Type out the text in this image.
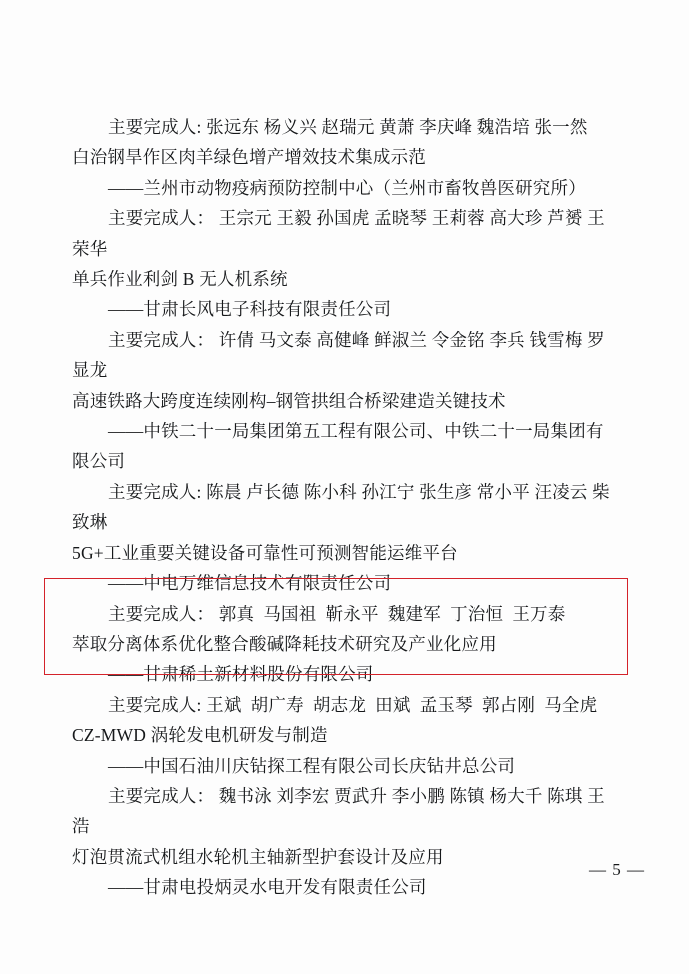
主要完成人: 张远东 杨义兴 赵瑞元 黄萧 李庆峰 魏浩培 张一然
白治钢旱作区肉羊绿色增产增效技术集成示范
——兰州市动物疫病预防控制中心（兰州市畜牧兽医研究所）
主要完成人： 王宗元 王毅 孙国虎 孟晓琴 王莉蓉 高大珍 芦赟 王荣华
单兵作业利剑 B 无人机系统
——甘肃长风电子科技有限责任公司
主要完成人： 许倩 马文泰 高健峰 鲜淑兰 令金铭 李兵 钱雪梅 罗显龙
高速铁路大跨度连续刚构–钢管拱组合桥梁建造关键技术
——中铁二十一局集团第五工程有限公司、中铁二十一局集团有限公司
主要完成人: 陈晨 卢长德 陈小科 孙江宁 张生彦 常小平 汪凌云 柴致琳
5G+工业重要关键设备可靠性可预测智能运维平台
——中电万维信息技术有限责任公司
主要完成人： 郭真  马国祖  靳永平  魏建军  丁治恒  王万泰
萃取分离体系优化整合酸碱降耗技术研究及产业化应用
——甘肃稀土新材料股份有限公司
主要完成人: 王斌  胡广寿  胡志龙  田斌  孟玉琴  郭占刚  马全虎
CZ-MWD 涡轮发电机研发与制造
——中国石油川庆钻探工程有限公司长庆钻井总公司
主要完成人： 魏书泳 刘李宏 贾武升 李小鹏 陈镇 杨大千 陈琪 王浩
灯泡贯流式机组水轮机主轴新型护套设计及应用
——甘肃电投炳灵水电开发有限责任公司
— 5 —
